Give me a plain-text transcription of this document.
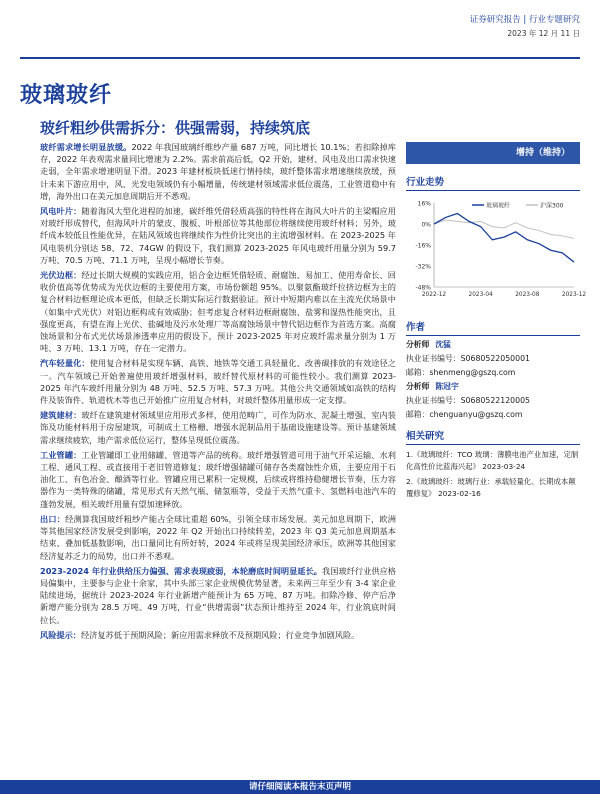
证券研究报告 | 行业专题研究
2023 年 12 月 11 日
玻璃玻纤
玻纤粗纱供需拆分：供强需弱，持续筑底

玻纤需求增长明显放缓。2022 年我国玻璃纤维纱产量 687 万吨，同比增长 10.1%；若扣除掉库存，2022 年表观需求量同比增速为 2.2%。需求前高后低，Q2 开始，建材、风电及出口需求快速走弱，全年需求增速明显下滑。2023 年建材板块低迷行情持续，玻纤整体需求增速继续放缓，预计未来下游应用中，风、光发电领域仍有小幅增量，传统建材领域需求低位震荡，工业管道稳中有增，海外出口在美元加息周期后开不悉观。

风电叶片：随着海风大型化进程的加速，碳纤维凭借轻质高强的特性将在海风大叶片的主梁帽应用对玻纤形成替代，但海风叶片的蒙皮、腹板、叶根部位等其他部位将继续使用玻纤材料；另外，玻纤成本较低且性能优异，在陆风领域也将继续作为性价比突出的主流增强材料。在 2023-2025 年风电装机分别达 58、72、74GW 的假设下，我们测算 2023-2025 年风电玻纤用量分别为 59.7 万吨、70.5 万吨、71.1 万吨，呈现小幅增长节奏。

光伏边框：经过长期大规模的实践应用，铝合金边框凭借轻质、耐腐蚀、易加工、使用寿命长、回收价值高等优势成为光伏边框的主要使用方案，市场份额超 95%。以聚氨酯玻纤拉挤边框为主的复合材料边框理论成本更低，但缺乏长期实际运行数据验证。预计中短期内难以在主流光伏场景中（如集中式光伏）对铝边框构成有效威胁；但考虑复合材料边框耐腐蚀、盐雾和湿热性能突出，且强度更高，有望在海上光伏、盐碱地及污水处理厂等高腐蚀场景中替代铝边框作为首选方案。高腐蚀场景和分布式光伏场景渗透率应用的假设下，预计 2023-2025 年对应玻纤需求量分别为 1 万吨、3 万吨、13.1 万吨，存在一定潜力。

汽车轻量化：使用复合材料是实现车辆、高铁、地铁等交通工具轻量化、改善碳排放的有效途径之一。汽车领域已开始普遍使用玻纤增强材料，玻纤替代原材料的可能性较小。我们测算 2023-2025 年汽车玻纤用量分别为 48 万吨、52.5 万吨、57.3 万吨。其他公共交通领域如高铁的结构件及装饰件、轨道枕木等也已开始推广应用复合材料，对玻纤整体用量形成一定支撑。

建筑建材：玻纤在建筑建材领域里应用形式多样，使用范畴广，可作为防水、泥凝土增强、室内装饰及功能材料用于房屋建筑，可制成土工格栅、增强水泥制品用于基础设施建设等。预计基建领域需求继续疲软，地产需求低位运行，整体呈现低位震荡。

工业管罐：工业管罐即工业用储罐、管道等产品的统称。玻纤增强管道可用于油气开采运输、水利工程、通风工程、或直接用于老旧管道修复；玻纤增强储罐可储存各类腐蚀性介质，主要应用于石油化工、有色冶金、酿酒等行业。管罐应用已累积一定规模，后续或将维持稳健增长节奏，压力容器作为一类特殊的储罐，常见形式有天然气瓶、储氢瓶等，受益于天然气重卡、氢燃料电池汽车的蓬勃发展，相关玻纤用量有望加速释放。

出口：经测算我国玻纤粗纱产能占全球比重超 60%，引领全球市场发展。美元加息周期下，欧洲等其他国家经济发展受到影响，2022 年 Q2 开始出口持续转差，2023 年 Q3 美元加息周期基本结束、叠加低基数影响，出口量同比有所好转，2024 年或将呈现美国经济承压，欧洲等其他国家经济复苏乏力的局势，出口并不悉观。

2023-2024 年行业供给压力偏强、需求表现疲弱，本轮磨底时间明显延长。我国玻纤行业供应格局偏集中，主要参与企业十余家，其中头部三家企业规模优势显著，未来两三年至少有 3-4 家企业陆续进场，据统计 2023-2024 年行业新增产能预计为 65 万吨、87 万吨。扣除冷修、停产后净新增产能分别为 28.5 万吨、49 万吨，行业“供增需弱”状态预计维持至 2024 年，行业筑底时间拉长。

风险提示：经济复苏低于预期风险；新应用需求释放不及预期风险；行业竞争加剧风险。

增持（维持）
行业走势
16%
0%
-16%
-32%
-48%
2022-12	2023-04	2023-08	2023-12
玻璃玻纤	沪深300
作者
分析师 沈猛
执业证书编号：S0680522050001
邮箱：shenmeng@gszq.com
分析师 陈冠宇
执业证书编号：S0680522120005
邮箱：chenguanyu@gszq.com
相关研究
1.《玻璃玻纤：TCO 玻璃：薄膜电池产业加速，定制化高性价比蓝海兴起》 2023-03-24
2.《玻璃玻纤：玻璃行业：承载轻量化、长期成本颠覆修复》 2023-02-16
请仔细阅读本报告末页声明
